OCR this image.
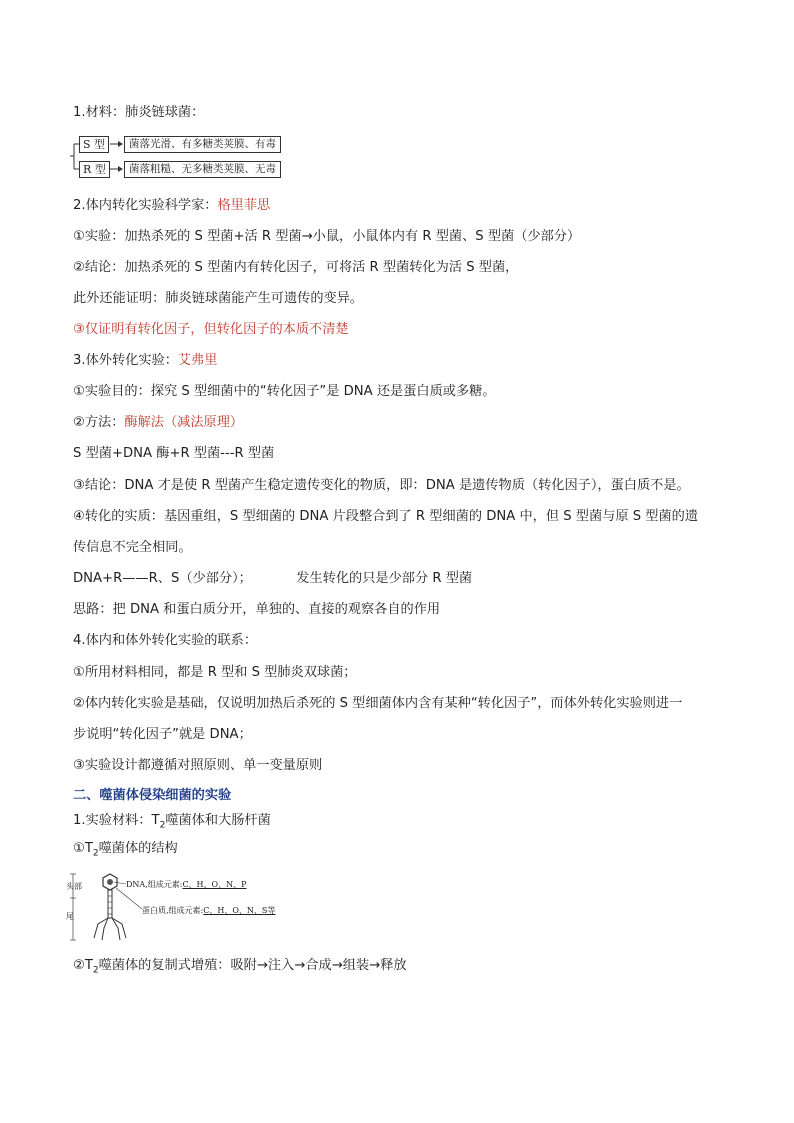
1.材料：肺炎链球菌：
S 型	菌落光滑、有多糖类荚膜、有毒
R 型	菌落粗糙、无多糖类荚膜、无毒
2.体内转化实验科学家：格里菲思
①实验：加热杀死的 S 型菌+活 R 型菌→小鼠，小鼠体内有 R 型菌、S 型菌（少部分）
②结论：加热杀死的 S 型菌内有转化因子，可将活 R 型菌转化为活 S 型菌，
此外还能证明：肺炎链球菌能产生可遗传的变异。
③仅证明有转化因子，但转化因子的本质不清楚
3.体外转化实验：艾弗里
①实验目的：探究 S 型细菌中的“转化因子”是 DNA 还是蛋白质或多糖。
②方法：酶解法（减法原理）
S 型菌+DNA 酶+R 型菌---R 型菌
③结论：DNA 才是使 R 型菌产生稳定遗传变化的物质，即：DNA 是遗传物质（转化因子），蛋白质不是。
④转化的实质：基因重组，S 型细菌的 DNA 片段整合到了 R 型细菌的 DNA 中，但 S 型菌与原 S 型菌的遗
传信息不完全相同。
DNA+R——R、S（少部分）；	发生转化的只是少部分 R 型菌
思路：把 DNA 和蛋白质分开，单独的、直接的观察各自的作用
4.体内和体外转化实验的联系：
①所用材料相同，都是 R 型和 S 型肺炎双球菌；
②体内转化实验是基础，仅说明加热后杀死的 S 型细菌体内含有某种“转化因子”，而体外转化实验则进一
步说明“转化因子”就是 DNA；
③实验设计都遵循对照原则、单一变量原则
二、噬菌体侵染细菌的实验
1.实验材料：$T_2$噬菌体和大肠杆菌
$①T_2$噬菌体的结构
头部
尾
DNA,组成元素:C、H、O、N、P
蛋白质,组成元素:C、H、O、N、S等
$②T_2$噬菌体的复制式增殖：吸附→注入→合成→组装→释放
